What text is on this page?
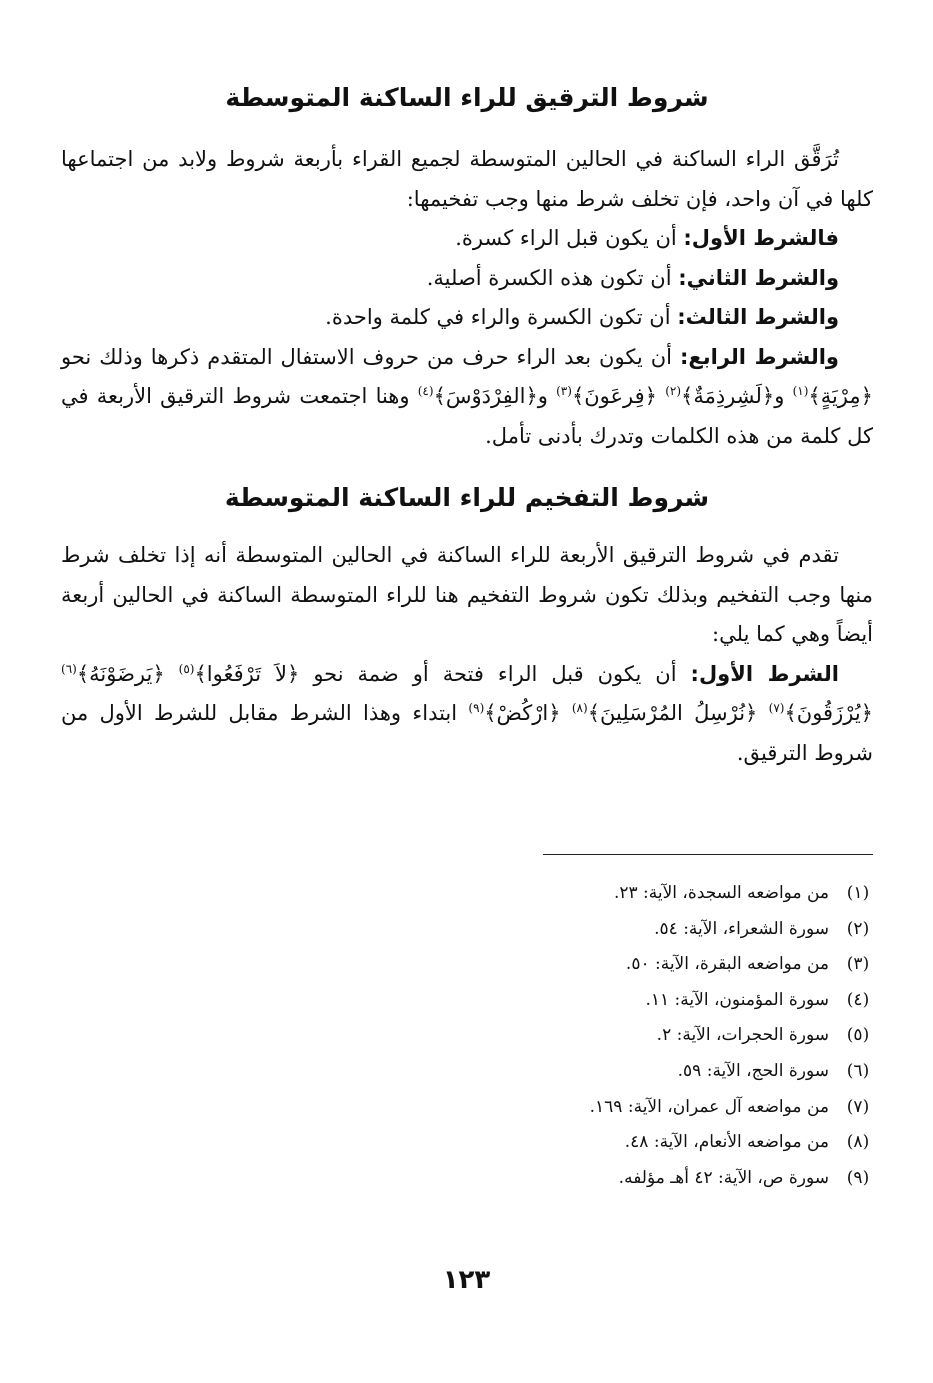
شروط الترقيق للراء الساكنة المتوسطة

تُرَقَّق الراء الساكنة في الحالين المتوسطة لجميع القراء بأربعة شروط ولابد من اجتماعها كلها في آن واحد، فإن تخلف شرط منها وجب تفخيمها:

فالشرط الأول: أن يكون قبل الراء كسرة.

والشرط الثاني: أن تكون هذه الكسرة أصلية.

والشرط الثالث: أن تكون الكسرة والراء في كلمة واحدة.

والشرط الرابع: أن يكون بعد الراء حرف من حروف الاستفال المتقدم ذكرها وذلك نحو ﴿مِرْيَةٍ﴾$^{(١)}$ و﴿لَشِرذِمَةٌ﴾$^{(٢)}$ ﴿فِرعَونَ﴾$^{(٣)}$ و﴿الفِرْدَوْسَ﴾$^{(٤)}$ وهنا اجتمعت شروط الترقيق الأربعة في كل كلمة من هذه الكلمات وتدرك بأدنى تأمل.

شروط التفخيم للراء الساكنة المتوسطة

تقدم في شروط الترقيق الأربعة للراء الساكنة في الحالين المتوسطة أنه إذا تخلف شرط منها وجب التفخيم وبذلك تكون شروط التفخيم هنا للراء المتوسطة الساكنة في الحالين أربعة أيضاً وهي كما يلي:

الشرط الأول: أن يكون قبل الراء فتحة أو ضمة نحو ﴿لاَ تَرْفَعُوا﴾$^{(٥)}$ ﴿يَرضَوْنَهُ﴾$^{(٦)}$ ﴿يُرْزَقُونَ﴾$^{(٧)}$ ﴿نُرْسِلُ المُرْسَلِينَ﴾$^{(٨)}$ ﴿ارْكُضْ﴾$^{(٩)}$ ابتداء وهذا الشرط مقابل للشرط الأول من شروط الترقيق.

(١)
من مواضعه السجدة، الآية: ٢٣.
(٢)
سورة الشعراء، الآية: ٥٤.
(٣)
من مواضعه البقرة، الآية: ٥٠.
(٤)
سورة المؤمنون، الآية: ١١.
(٥)
سورة الحجرات، الآية: ٢.
(٦)
سورة الحج، الآية: ٥٩.
(٧)
من مواضعه آل عمران، الآية: ١٦٩.
(٨)
من مواضعه الأنعام، الآية: ٤٨.
(٩)
سورة ص، الآية: ٤٢ أهـ مؤلفه.
١٢٣
